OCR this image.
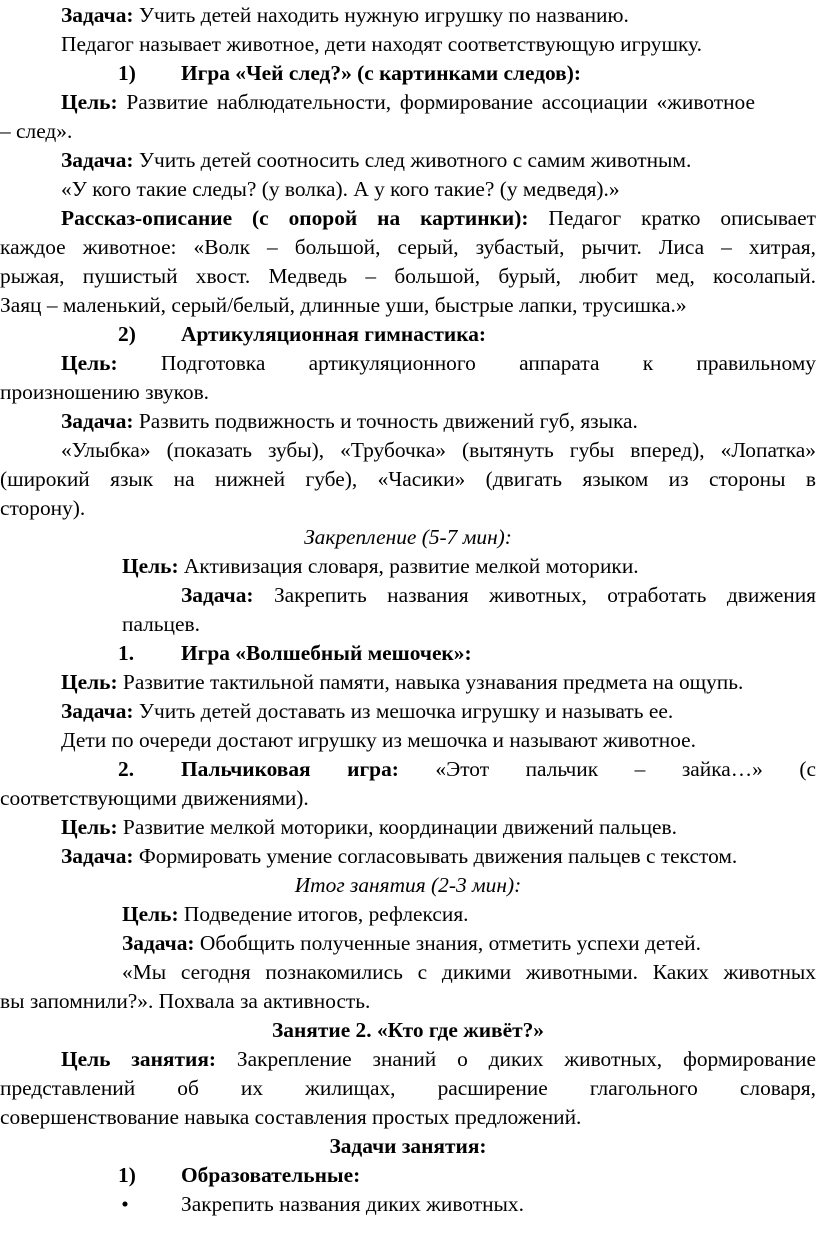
Задача: Учить детей находить нужную игрушку по названию.
Педагог называет животное, дети находят соответствующую игрушку.
1) Игра «Чей след?» (с картинками следов):
Цель: Развитие наблюдательности, формирование ассоциации «животное
– след».
Задача: Учить детей соотносить след животного с самим животным.
«У кого такие следы? (у волка). А у кого такие? (у медведя).»
Рассказ-описание (с опорой на картинки): Педагог кратко описывает
каждое животное: «Волк – большой, серый, зубастый, рычит. Лиса – хитрая,
рыжая, пушистый хвост. Медведь – большой, бурый, любит мед, косолапый.
Заяц – маленький, серый/белый, длинные уши, быстрые лапки, трусишка.»
2) Артикуляционная гимнастика:
Цель: Подготовка артикуляционного аппарата к правильному
произношению звуков.
Задача: Развить подвижность и точность движений губ, языка.
«Улыбка» (показать зубы), «Трубочка» (вытянуть губы вперед), «Лопатка»
(широкий язык на нижней губе), «Часики» (двигать языком из стороны в
сторону).
Закрепление (5-7 мин):
Цель: Активизация словаря, развитие мелкой моторики.
Задача: Закрепить названия животных, отработать движения
пальцев.
1. Игра «Волшебный мешочек»:
Цель: Развитие тактильной памяти, навыка узнавания предмета на ощупь.
Задача: Учить детей доставать из мешочка игрушку и называть ее.
Дети по очереди достают игрушку из мешочка и называют животное.
2. Пальчиковая игра: «Этот пальчик – зайка…» (с
соответствующими движениями).
Цель: Развитие мелкой моторики, координации движений пальцев.
Задача: Формировать умение согласовывать движения пальцев с текстом.
Итог занятия (2-3 мин):
Цель: Подведение итогов, рефлексия.
Задача: Обобщить полученные знания, отметить успехи детей.
«Мы сегодня познакомились с дикими животными. Каких животных
вы запомнили?». Похвала за активность.
Занятие 2. «Кто где живёт?»
Цель занятия: Закрепление знаний о диких животных, формирование
представлений об их жилищах, расширение глагольного словаря,
совершенствование навыка составления простых предложений.
Задачи занятия:
1) Образовательные:
• Закрепить названия диких животных.
